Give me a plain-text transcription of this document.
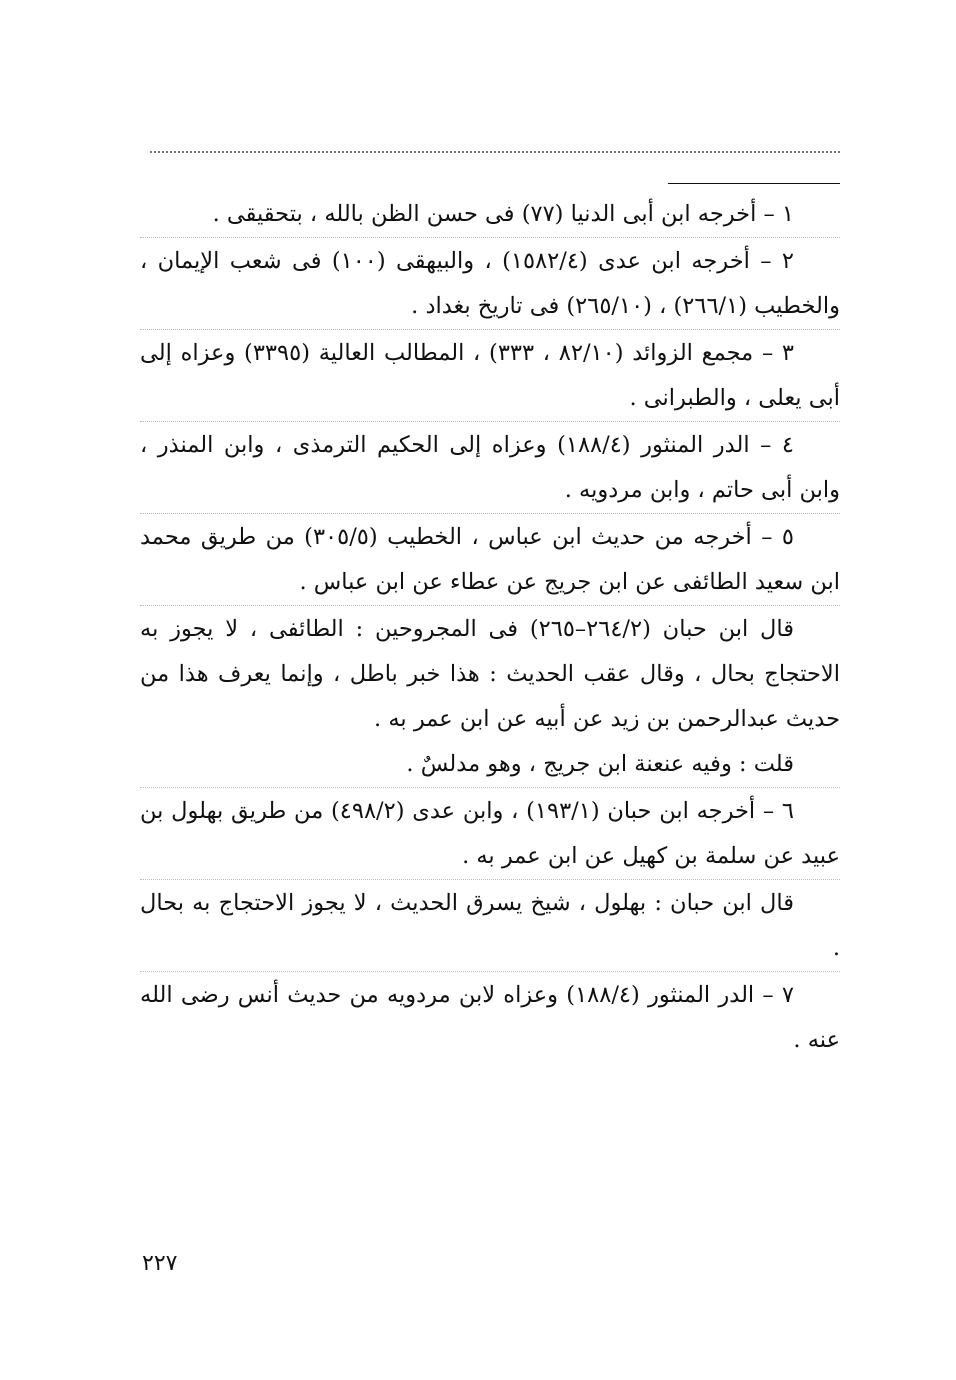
١ – أخرجه ابن أبى الدنيا (٧٧) فى حسن الظن بالله ، بتحقيقى .

٢ – أخرجه ابن عدى (١٥٨٢/٤) ، والبيهقى (١٠٠) فى شعب الإيمان ، والخطيب (٢٦٦/١) ، (٢٦٥/١٠) فى تاريخ بغداد .

٣ – مجمع الزوائد (٨٢/١٠ ، ٣٣٣) ، المطالب العالية (٣٣٩٥) وعزاه إلى أبى يعلى ، والطبرانى .

٤ – الدر المنثور (١٨٨/٤) وعزاه إلى الحكيم الترمذى ، وابن المنذر ، وابن أبى حاتم ، وابن مردويه .

٥ – أخرجه من حديث ابن عباس ، الخطيب (٣٠٥/٥) من طريق محمد ابن سعيد الطائفى عن ابن جريج عن عطاء عن ابن عباس .

قال ابن حبان (٢٦٤/٢–٢٦٥) فى المجروحين : الطائفى ، لا يجوز به الاحتجاج بحال ، وقال عقب الحديث : هذا خبر باطل ، وإنما يعرف هذا من حديث عبدالرحمن بن زيد عن أبيه عن ابن عمر به .

قلت : وفيه عنعنة ابن جريج ، وهو مدلسٌ .

٦ – أخرجه ابن حبان (١٩٣/١) ، وابن عدى (٤٩٨/٢) من طريق بهلول بن عبيد عن سلمة بن كهيل عن ابن عمر به .

قال ابن حبان : بهلول ، شيخ يسرق الحديث ، لا يجوز الاحتجاج به بحال .

٧ – الدر المنثور (١٨٨/٤) وعزاه لابن مردويه من حديث أنس رضى الله عنه .

٢٢٧
